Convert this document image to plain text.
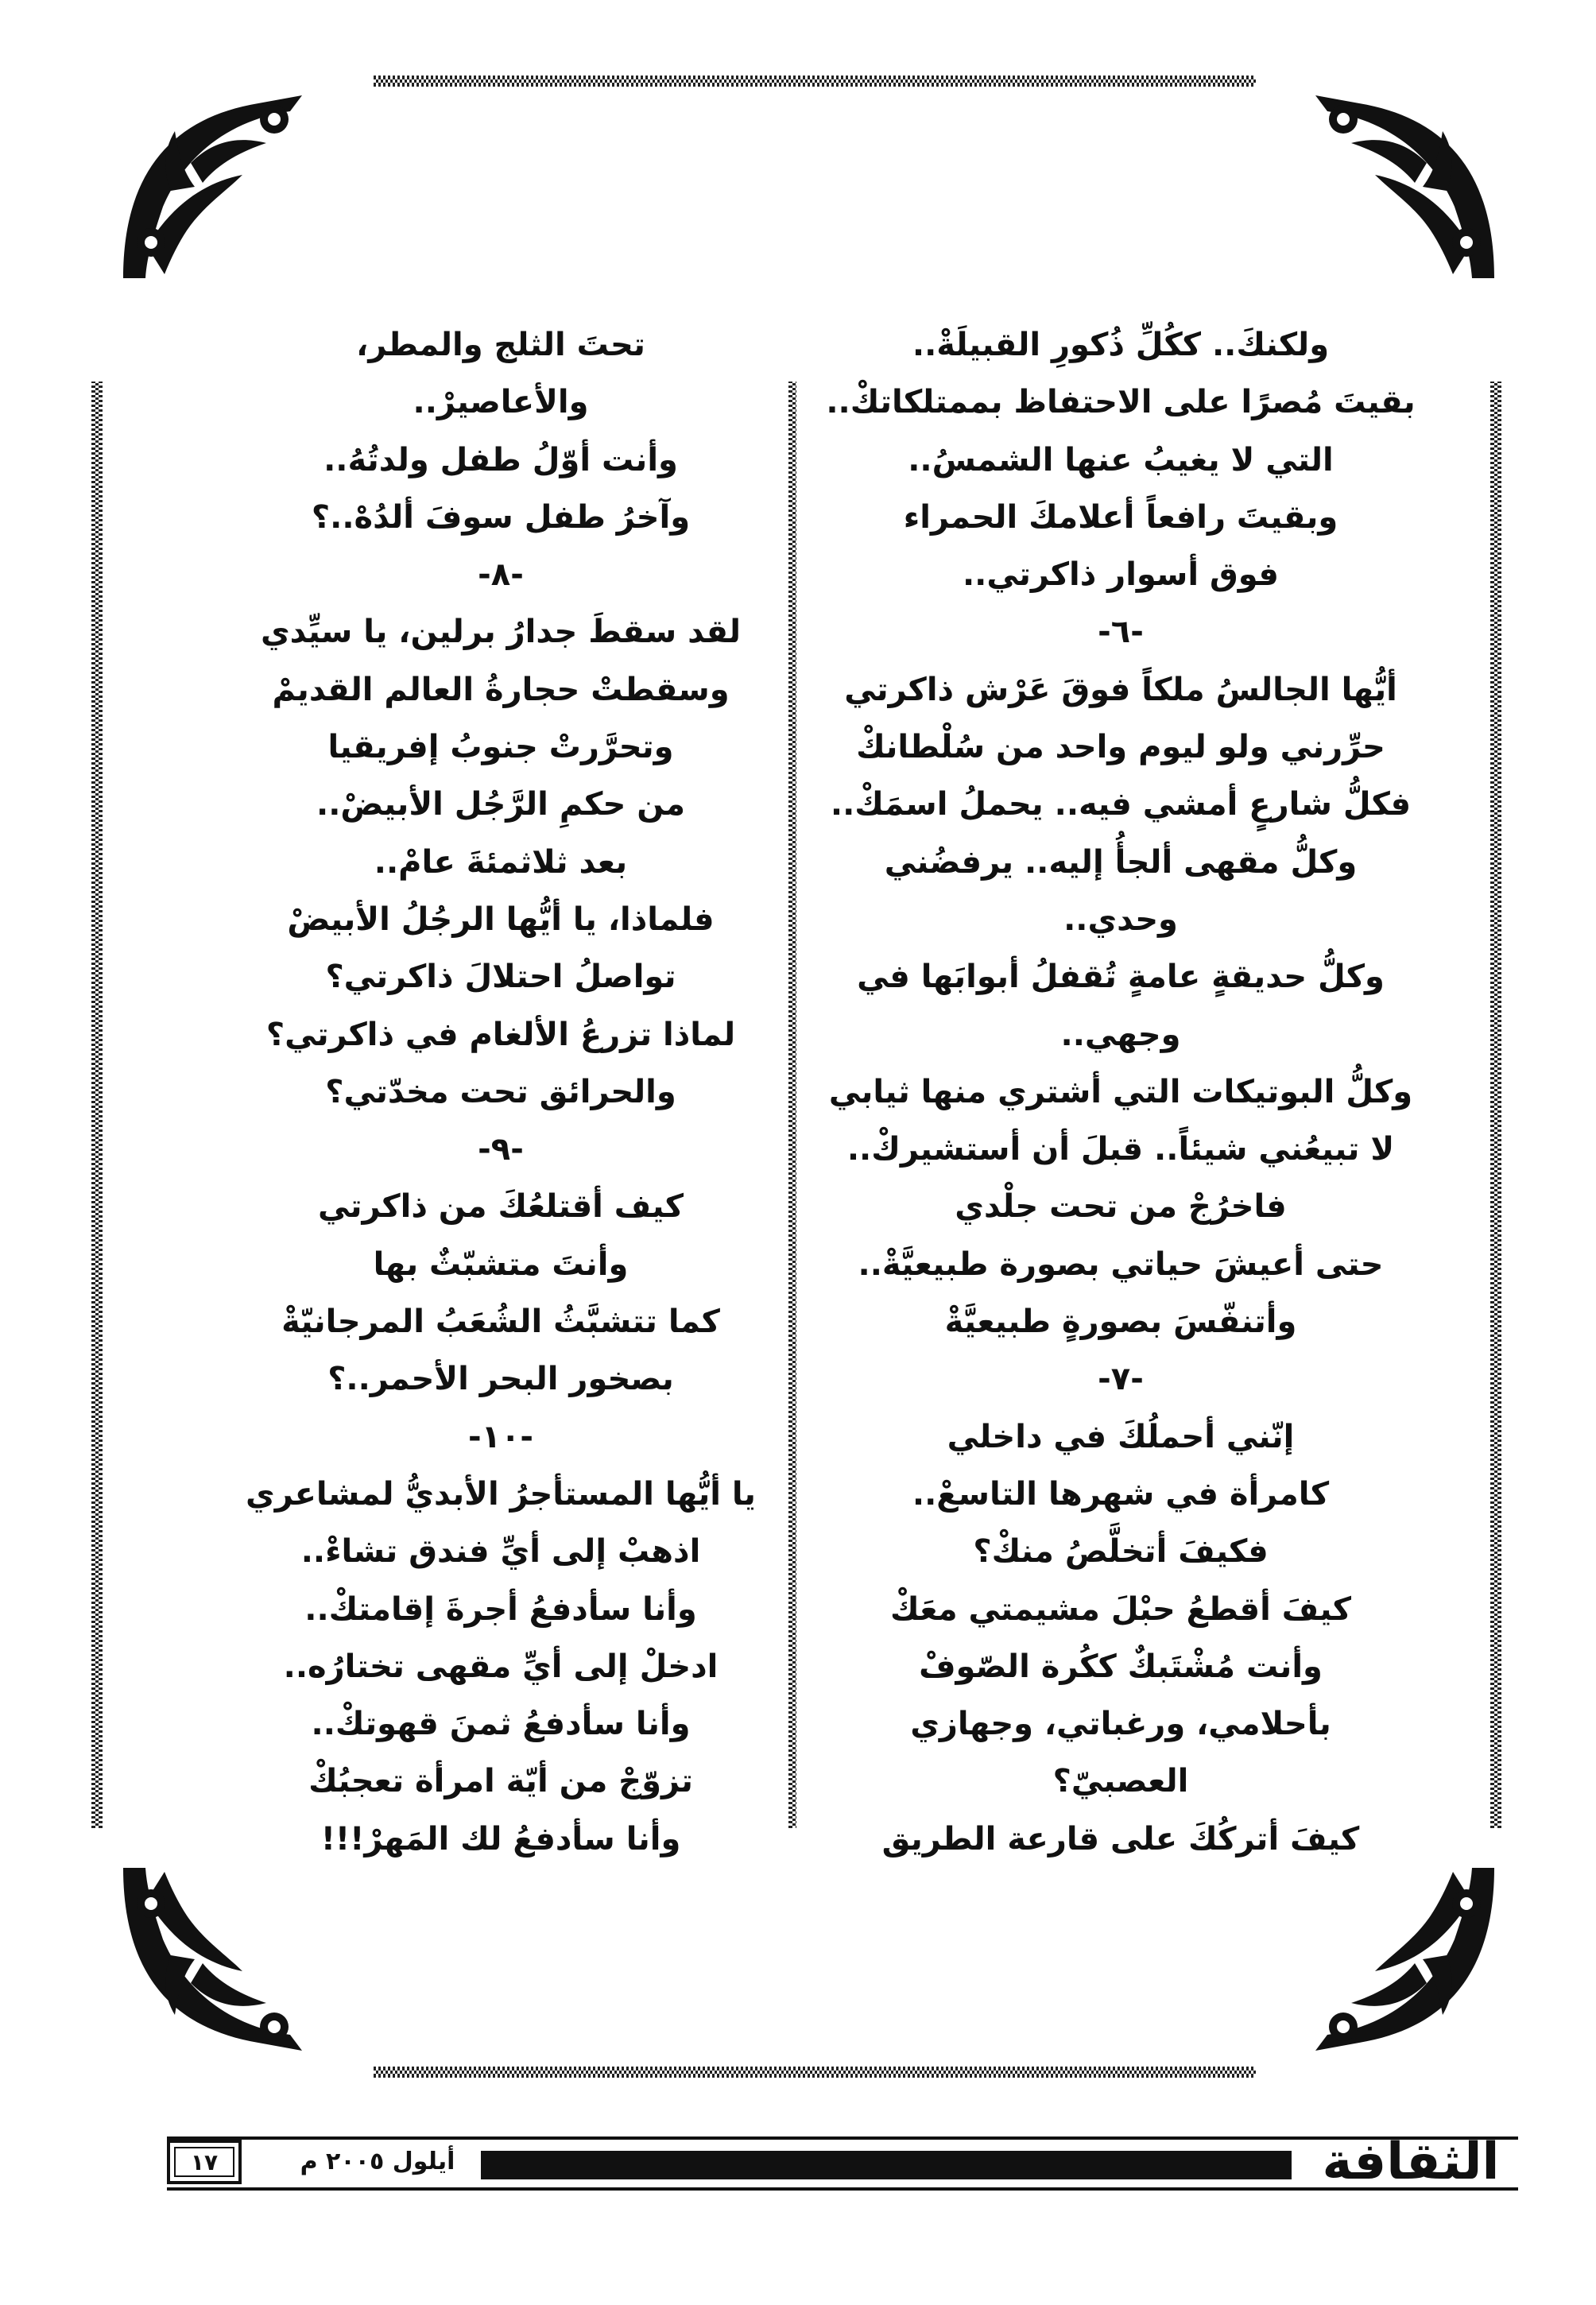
ولكنكَ.. ككُلِّ ذُكورِ القبيلَةْ..
بقيتَ مُصرًا على الاحتفاظ بممتلكاتكْ..
التي لا يغيبُ عنها الشمسُ..
وبقيتَ رافعاً أعلامكَ الحمراء
فوق أسوار ذاكرتي..
-٦-
أيُّها الجالسُ ملكاً فوقَ عَرْش ذاكرتي
حرِّرني ولو ليوم واحد من سُلْطانكْ
فكلُّ شارعٍ أمشي فيه.. يحملُ اسمَكْ..
وكلُّ مقهى ألجأُ إليه.. يرفضُني
وحدي..
وكلُّ حديقةٍ عامةٍ تُقفلُ أبوابَها في
وجهي..
وكلُّ البوتيكات التي أشتري منها ثيابي
لا تبيعُني شيئاً.. قبلَ أن أستشيركْ..
فاخرُجْ من تحت جلْدي
حتى أعيشَ حياتي بصورة طبيعيَّةْ..
وأتنفّسَ بصورةٍ طبيعيَّةْ
-٧-
إنّني أحملُكَ في داخلي
كامرأة في شهرها التاسعْ..
فكيفَ أتخلَّصُ منكْ؟
كيفَ أقطعُ حبْلَ مشيمتي معَكْ
وأنت مُشْتَبكٌ ككُرة الصّوفْ
بأحلامي، ورغباتي، وجهازي
العصبيّ؟
كيفَ أتركُكَ على قارعة الطريق
تحتَ الثلج والمطر،
والأعاصيرْ..
وأنت أوّلُ طفل ولدتُهُ..
وآخرُ طفل سوفَ ألدُهْ..؟
-٨-
لقد سقطَ جدارُ برلين، يا سيِّدي
وسقطتْ حجارةُ العالم القديمْ
وتحرَّرتْ جنوبُ إفريقيا
من حكمِ الرَّجُل الأبيضْ..
بعد ثلاثمئةَ عامْ..
فلماذا، يا أيُّها الرجُلُ الأبيضْ
تواصلُ احتلالَ ذاكرتي؟
لماذا تزرعُ الألغام في ذاكرتي؟
والحرائق تحت مخدّتي؟
-٩-
كيف أقتلعُكَ من ذاكرتي
وأنتَ متشبّثٌ بها
كما تتشبَّثُ الشُعَبُ المرجانيّةْ
بصخور البحر الأحمر..؟
-١٠-
يا أيُّها المستأجرُ الأبديُّ لمشاعري
اذهبْ إلى أيِّ فندق تشاءْ..
وأنا سأدفعُ أجرةَ إقامتكْ..
ادخلْ إلى أيِّ مقهى تختارُه..
وأنا سأدفعُ ثمنَ قهوتكْ..
تزوّجْ من أيّة امرأة تعجبُكْ
وأنا سأدفعُ لك المَهرْ!!!
١٧	أيلول ٢٠٠٥ م	الثقافة
